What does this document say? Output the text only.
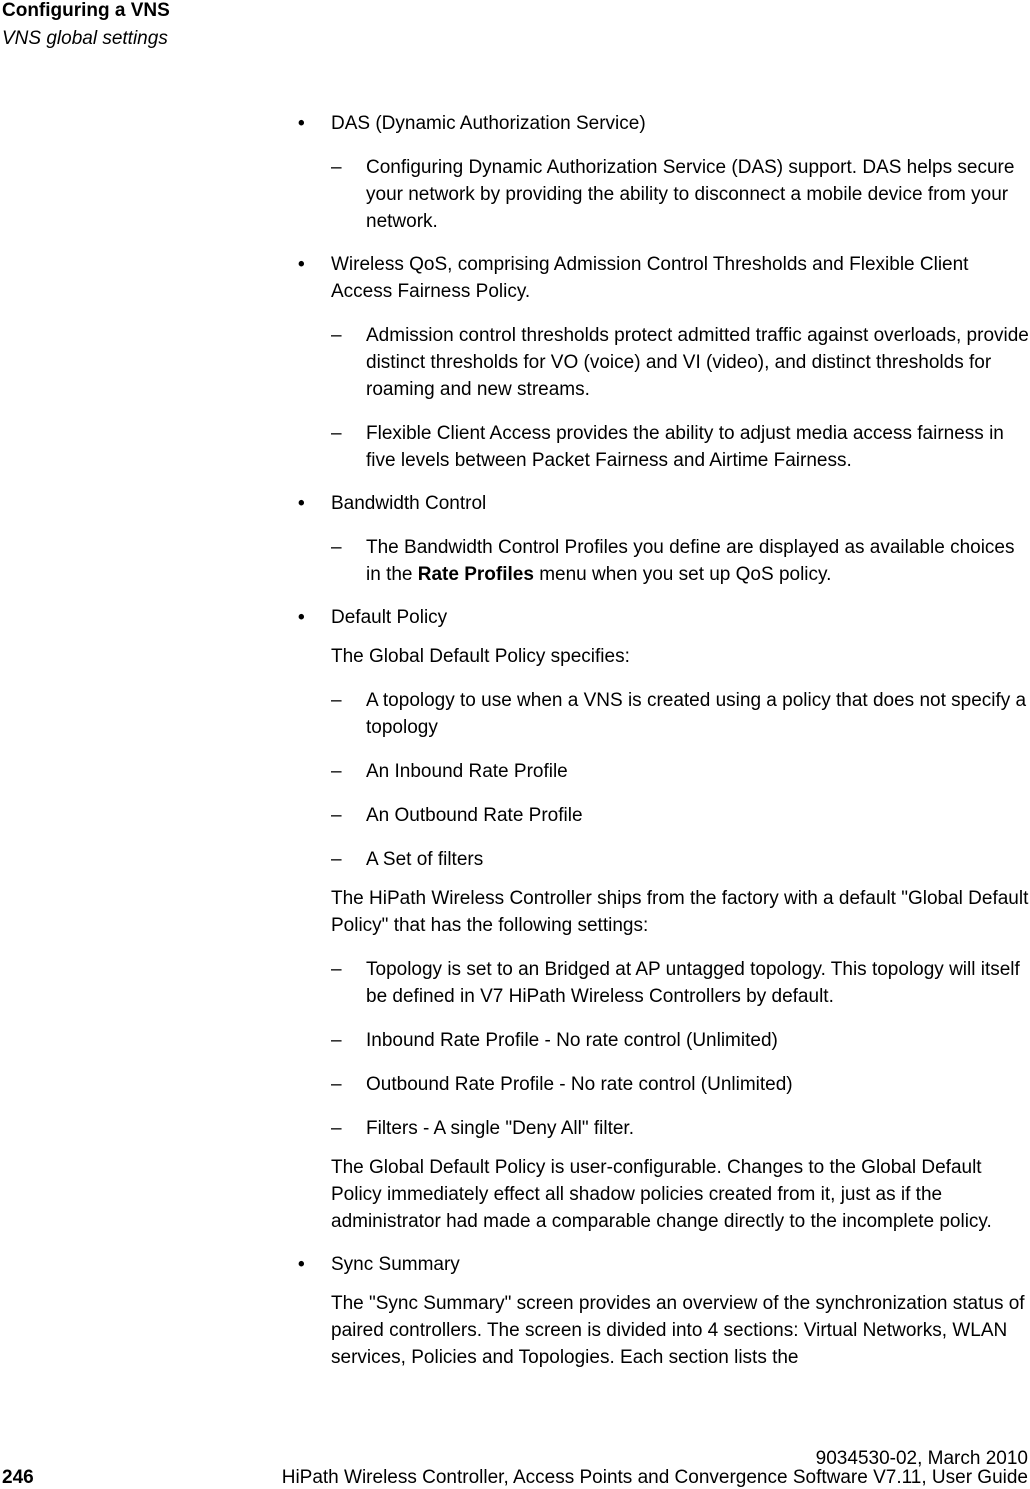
Configuring a VNS
VNS global settings
• DAS (Dynamic Authorization Service)
– Configuring Dynamic Authorization Service (DAS) support. DAS helps secure your network by providing the ability to disconnect a mobile device from your network.
• Wireless QoS, comprising Admission Control Thresholds and Flexible Client Access Fairness Policy.
– Admission control thresholds protect admitted traffic against overloads, provide distinct thresholds for VO (voice) and VI (video), and distinct thresholds for roaming and new streams.
– Flexible Client Access provides the ability to adjust media access fairness in five levels between Packet Fairness and Airtime Fairness.
• Bandwidth Control
– The Bandwidth Control Profiles you define are displayed as available choices in the Rate Profiles menu when you set up QoS policy.
• Default Policy
The Global Default Policy specifies:
– A topology to use when a VNS is created using a policy that does not specify a topology
– An Inbound Rate Profile
– An Outbound Rate Profile
– A Set of filters
The HiPath Wireless Controller ships from the factory with a default "Global Default Policy" that has the following settings:
– Topology is set to an Bridged at AP untagged topology. This topology will itself be defined in V7 HiPath Wireless Controllers by default.
– Inbound Rate Profile - No rate control (Unlimited)
– Outbound Rate Profile - No rate control (Unlimited)
– Filters - A single "Deny All" filter.
The Global Default Policy is user-configurable. Changes to the Global Default Policy immediately effect all shadow policies created from it, just as if the administrator had made a comparable change directly to the incomplete policy.
• Sync Summary
The "Sync Summary" screen provides an overview of the synchronization status of paired controllers. The screen is divided into 4 sections: Virtual Networks, WLAN services, Policies and Topologies. Each section lists the
9034530-02, March 2010
246	HiPath Wireless Controller, Access Points and Convergence Software V7.11, User Guide
